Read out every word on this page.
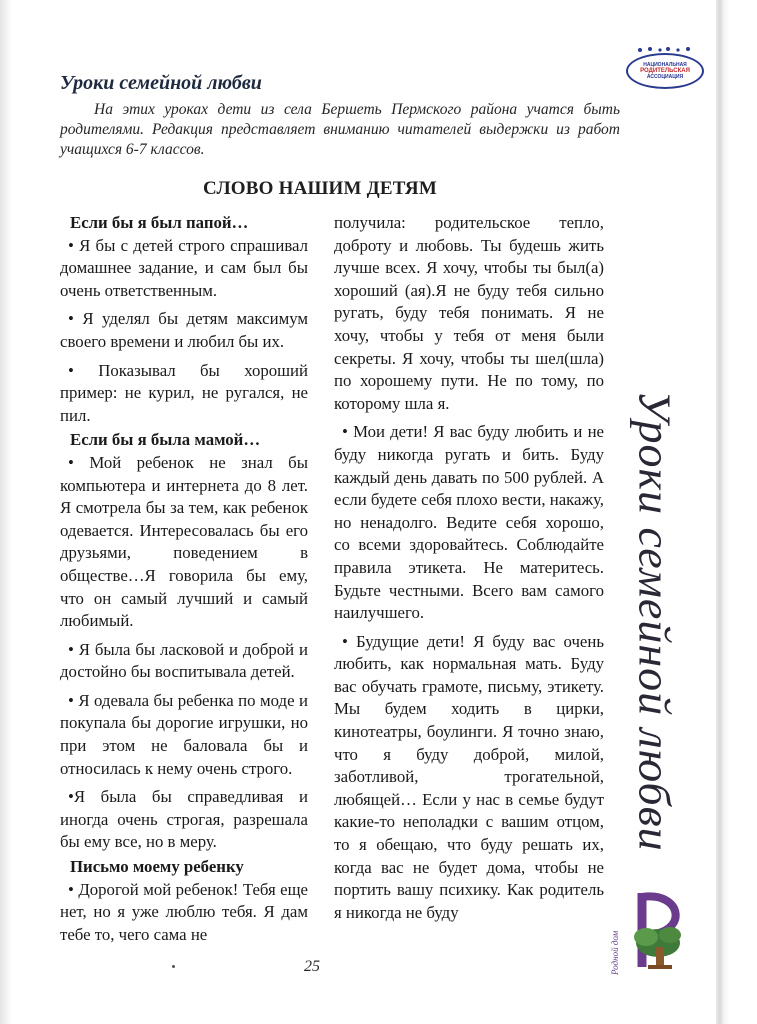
НАЦИОНАЛЬНАЯ
РОДИТЕЛЬСКАЯ
АССОЦИАЦИЯ
Уроки семейной любви

На этих уроках дети из села Бершеть Пермского района учатся быть родителями. Редакция представляет вниманию читателей выдержки из работ учащихся 6-7 классов.

СЛОВО НАШИМ ДЕТЯМ
Если бы я был папой…

• Я бы с детей строго спрашивал домашнее задание, и сам был бы очень ответственным.

• Я уделял бы детям максимум своего времени и любил бы их.

• Показывал бы хороший пример: не курил, не ругался, не пил.

Если бы я была мамой…

• Мой ребенок не знал бы компьютера и интернета до 8 лет. Я смотрела бы за тем, как ребенок одевается. Интересовалась бы его друзьями, поведением в обществе…Я говорила бы ему, что он самый лучший и самый любимый.

• Я была бы ласковой и доброй и достойно бы воспитывала детей.

• Я одевала бы ребенка по моде и покупала бы дорогие игрушки, но при этом не баловала бы и относилась к нему очень строго.

•Я была бы справедливая и иногда очень строгая, разрешала бы ему все, но в меру.

Письмо моему ребенку

• Дорогой мой ребенок! Тебя еще нет, но я уже люблю тебя. Я дам тебе то, чего сама не

получила: родительское тепло, доброту и любовь. Ты будешь жить лучше всех. Я хочу, чтобы ты был(а) хороший (ая).Я не буду тебя сильно ругать, буду тебя понимать. Я не хочу, чтобы у тебя от меня были секреты. Я хочу, чтобы ты шел(шла) по хорошему пути. Не по тому, по которому шла я.

• Мои дети! Я вас буду любить и не буду никогда ругать и бить. Буду каждый день давать по 500 рублей. А если будете себя плохо вести, накажу, но ненадолго. Ведите себя хорошо, со всеми здоровайтесь. Соблюдайте правила этикета. Не материтесь. Будьте честными. Всего вам самого наилучшего.

• Будущие дети! Я буду вас очень любить, как нормальная мать. Буду вас обучать грамоте, письму, этикету. Мы будем ходить в цирки, кинотеатры, боулинги. Я точно знаю, что я буду доброй, милой, заботливой, трогательной, любящей… Если у нас в семье будут какие-то неполадки с вашим отцом, то я обещаю, что буду решать их, когда вас не будет дома, чтобы не портить вашу психику. Как родитель я никогда не буду

Уроки семейной любви
Родной дом

25
